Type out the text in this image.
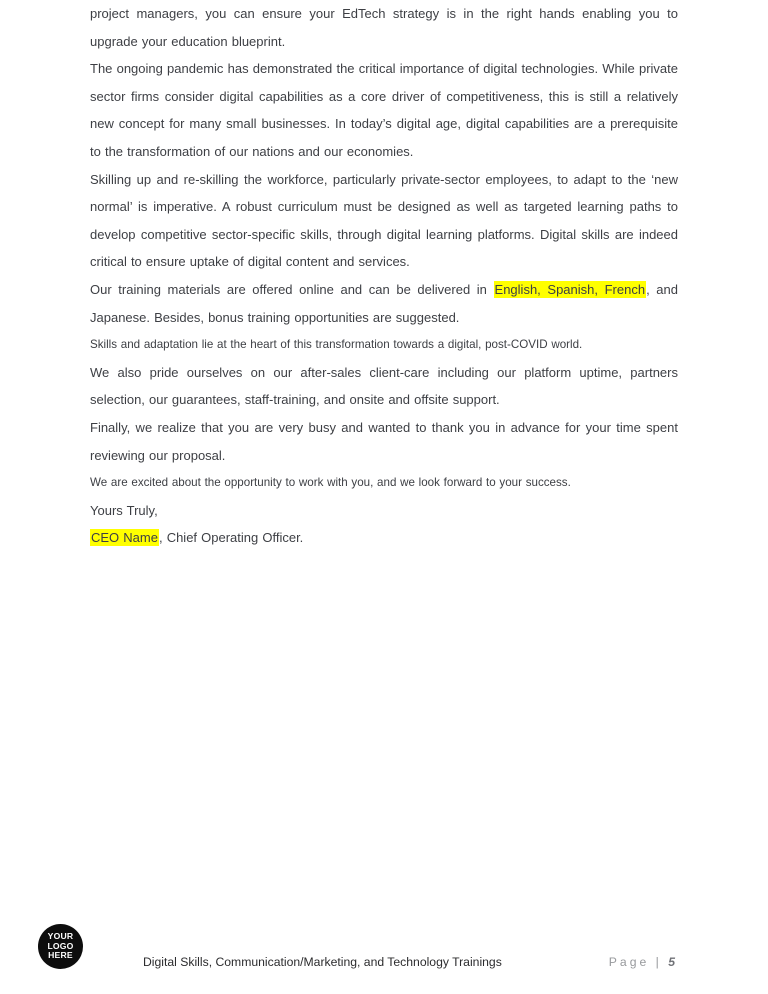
project managers, you can ensure your EdTech strategy is in the right hands enabling you to upgrade your education blueprint.

The ongoing pandemic has demonstrated the critical importance of digital technologies. While private sector firms consider digital capabilities as a core driver of competitiveness, this is still a relatively new concept for many small businesses. In today’s digital age, digital capabilities are a prerequisite to the transformation of our nations and our economies.

Skilling up and re-skilling the workforce, particularly private-sector employees, to adapt to the ‘new normal’ is imperative. A robust curriculum must be designed as well as targeted learning paths to develop competitive sector-specific skills, through digital learning platforms. Digital skills are indeed critical to ensure uptake of digital content and services.

Our training materials are offered online and can be delivered in English, Spanish, French, and Japanese. Besides, bonus training opportunities are suggested.

Skills and adaptation lie at the heart of this transformation towards a digital, post-COVID world.

We also pride ourselves on our after-sales client-care including our platform uptime, partners selection, our guarantees, staff-training, and onsite and offsite support.

Finally, we realize that you are very busy and wanted to thank you in advance for your time spent reviewing our proposal.

We are excited about the opportunity to work with you, and we look forward to your success.

Yours Truly,

CEO Name, Chief Operating Officer.

YOUR
LOGO
HERE	Digital Skills, Communication/Marketing, and Technology Trainings	Page | 5
